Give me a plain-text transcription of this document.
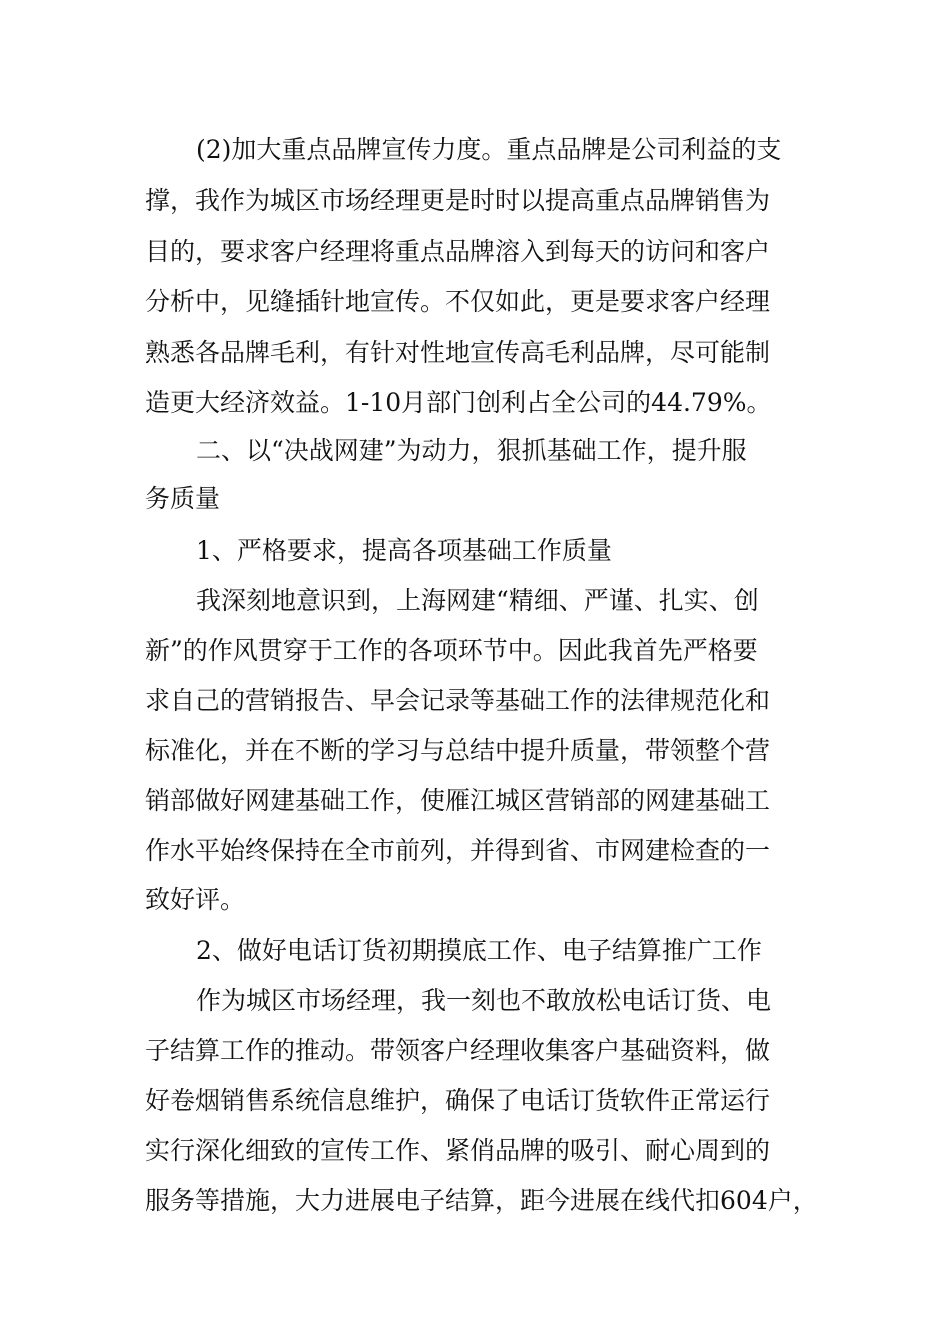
(2)加大重点品牌宣传力度。重点品牌是公司利益的支
撑，我作为城区市场经理更是时时以提高重点品牌销售为
目的，要求客户经理将重点品牌溶入到每天的访问和客户
分析中，见缝插针地宣传。不仅如此，更是要求客户经理
熟悉各品牌毛利，有针对性地宣传高毛利品牌，尽可能制
造更大经济效益。1-10月部门创利占全公司的44.79%。
二、以“决战网建”为动力，狠抓基础工作，提升服
务质量
1、严格要求，提高各项基础工作质量
我深刻地意识到，上海网建“精细、严谨、扎实、创
新”的作风贯穿于工作的各项环节中。因此我首先严格要
求自己的营销报告、早会记录等基础工作的法律规范化和
标准化，并在不断的学习与总结中提升质量，带领整个营
销部做好网建基础工作，使雁江城区营销部的网建基础工
作水平始终保持在全市前列，并得到省、市网建检查的一
致好评。
2、做好电话订货初期摸底工作、电子结算推广工作
作为城区市场经理，我一刻也不敢放松电话订货、电
子结算工作的推动。带领客户经理收集客户基础资料，做
好卷烟销售系统信息维护，确保了电话订货软件正常运行
实行深化细致的宣传工作、紧俏品牌的吸引、耐心周到的
服务等措施，大力进展电子结算，距今进展在线代扣604户，
